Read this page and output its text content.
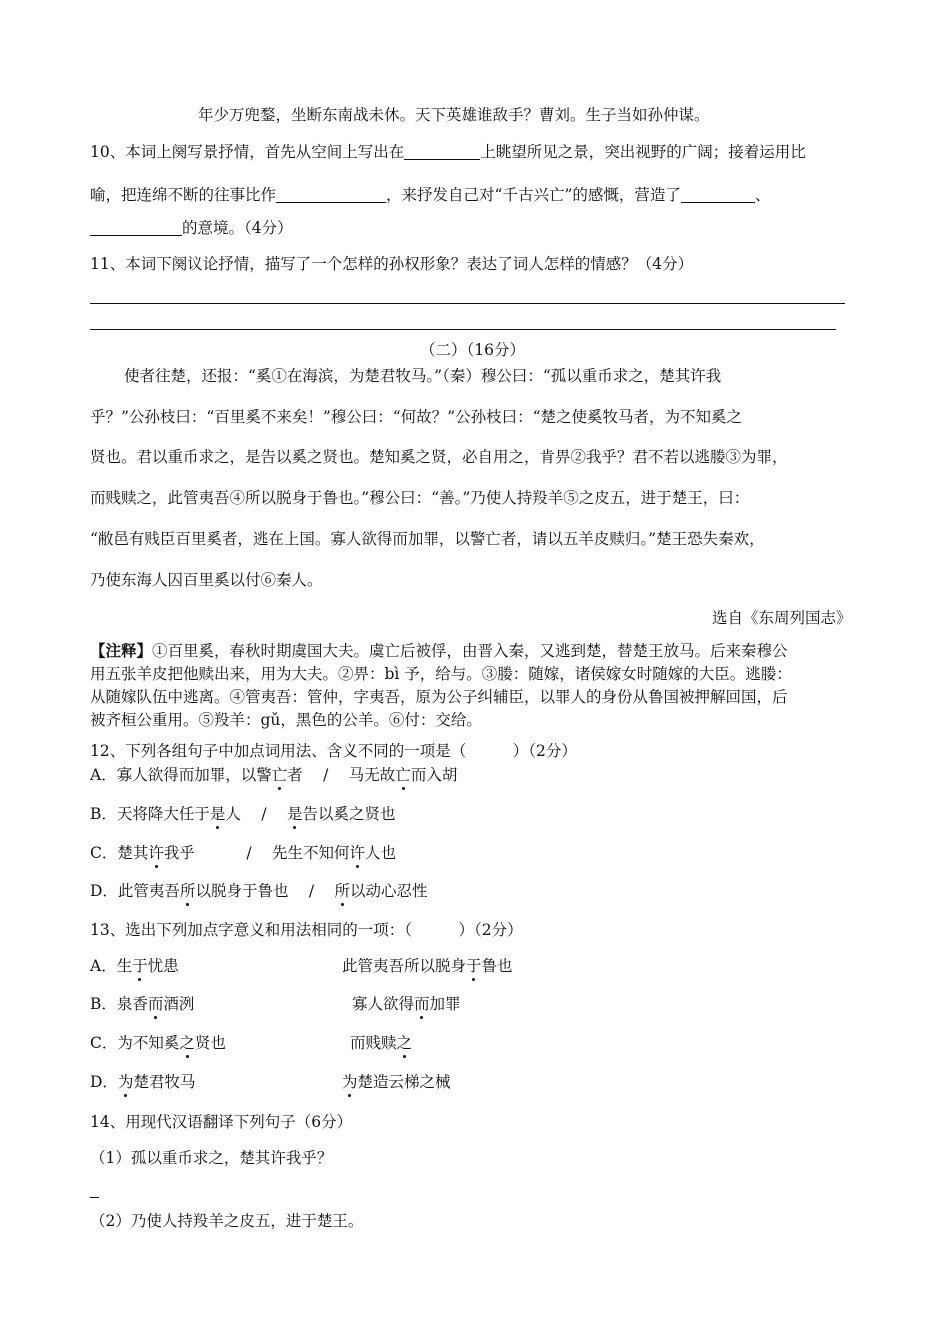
年少万兜鍪，坐断东南战未休。天下英雄谁敌手？曹刘。生子当如孙仲谋。
10、本词上阕写景抒情，首先从空间上写出在	上眺望所见之景，突出视野的广阔；接着运用比
喻，把连绵不断的往事比作	，来抒发自己对“千古兴亡”的感慨，营造了	、
的意境。（4分）
11、本词下阕议论抒情，描写了一个怎样的孙权形象？表达了词人怎样的情感？（4分）
（二）（16分）
使者往楚，还报：“奚①在海滨，为楚君牧马。”（秦）穆公曰：“孤以重币求之，楚其许我
乎？”公孙枝曰：“百里奚不来矣！”穆公曰：“何故？”公孙枝曰：“楚之使奚牧马者，为不知奚之
贤也。君以重币求之，是告以奚之贤也。楚知奚之贤，必自用之，肯畀②我乎？君不若以逃媵③为罪，
而贱赎之，此管夷吾④所以脱身于鲁也。”穆公曰：“善。”乃使人持羖羊⑤之皮五，进于楚王，曰：
“敝邑有贱臣百里奚者，逃在上国。寡人欲得而加罪，以警亡者，请以五羊皮赎归。”楚王恐失秦欢，
乃使东海人囚百里奚以付⑥秦人。
选自《东周列国志》
【注释】①百里奚，春秋时期虞国大夫。虞亡后被俘，由晋入秦，又逃到楚，替楚王放马。后来秦穆公
用五张羊皮把他赎出来，用为大夫。②畀：bì 予，给与。③媵：随嫁，诸侯嫁女时随嫁的大臣。逃媵：
从随嫁队伍中逃离。④管夷吾：管仲，字夷吾，原为公子纠辅臣，以罪人的身份从鲁国被押解回国，后
被齐桓公重用。⑤羖羊：gǔ，黑色的公羊。⑥付：交给。
12、下列各组句子中加点词用法、含义不同的一项是（　　　）（2分）
A．寡人欲得而加罪，以警亡者　 /　 马无故亡而入胡
B．天将降大任于是人　 /　 是告以奚之贤也
C．楚其许我乎　　　 /　 先生不知何许人也
D．此管夷吾所以脱身于鲁也　 /　 所以动心忍性
13、选出下列加点字意义和用法相同的一项：（　　　）（2分）
A．生于忧患	此管夷吾所以脱身于鲁也
B．泉香而酒洌	寡人欲得而加罪
C．为不知奚之贤也	而贱赎之
D．为楚君牧马	为楚造云梯之械
14、用现代汉语翻译下列句子（6分）
（1）孤以重币求之，楚其许我乎？
（2）乃使人持羖羊之皮五，进于楚王。
